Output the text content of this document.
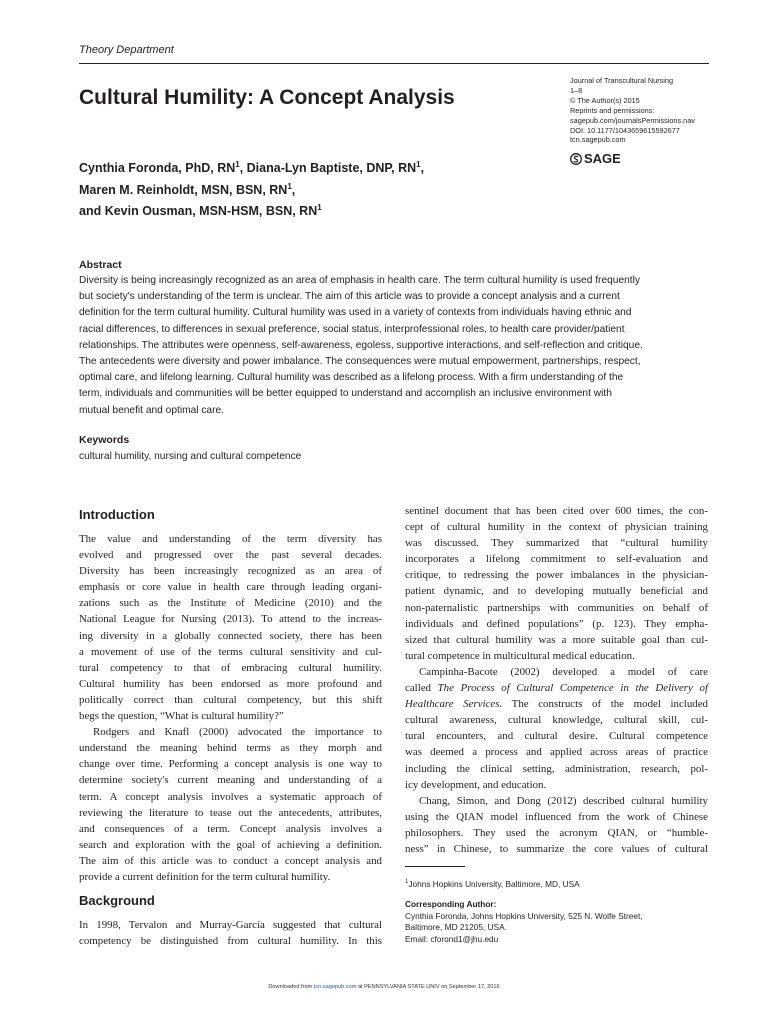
Theory Department
Cultural Humility: A Concept Analysis
Journal of Transcultural Nursing
1–8
© The Author(s) 2015
Reprints and permissions:
sagepub.com/journalsPermissions.nav
DOI: 10.1177/1043659615592677
tcn.sagepub.com
SAGE
Cynthia Foronda, PhD, $RN^1$, Diana-Lyn Baptiste, DNP, $RN^1$,
Maren M. Reinholdt, MSN, BSN, $RN^1$,
and Kevin Ousman, MSN-HSM, BSN, $RN^1$
Abstract
Diversity is being increasingly recognized as an area of emphasis in health care. The term cultural humility is used frequently
but society's understanding of the term is unclear. The aim of this article was to provide a concept analysis and a current
definition for the term cultural humility. Cultural humility was used in a variety of contexts from individuals having ethnic and
racial differences, to differences in sexual preference, social status, interprofessional roles, to health care provider/patient
relationships. The attributes were openness, self-awareness, egoless, supportive interactions, and self-reflection and critique.
The antecedents were diversity and power imbalance. The consequences were mutual empowerment, partnerships, respect,
optimal care, and lifelong learning. Cultural humility was described as a lifelong process. With a firm understanding of the
term, individuals and communities will be better equipped to understand and accomplish an inclusive environment with
mutual benefit and optimal care.
Keywords
cultural humility, nursing and cultural competence
Introduction
The value and understanding of the term diversity has
evolved and progressed over the past several decades.
Diversity has been increasingly recognized as an area of
emphasis or core value in health care through leading organi-
zations such as the Institute of Medicine (2010) and the
National League for Nursing (2013). To attend to the increas-
ing diversity in a globally connected society, there has been
a movement of use of the terms cultural sensitivity and cul-
tural competency to that of embracing cultural humility.
Cultural humility has been endorsed as more profound and
politically correct than cultural competency, but this shift
begs the question, “What is cultural humility?”
Rodgers and Knafl (2000) advocated the importance to
understand the meaning behind terms as they morph and
change over time. Performing a concept analysis is one way to
determine society's current meaning and understanding of a
term. A concept analysis involves a systematic approach of
reviewing the literature to tease out the antecedents, attributes,
and consequences of a term. Concept analysis involves a
search and exploration with the goal of achieving a definition.
The aim of this article was to conduct a concept analysis and
provide a current definition for the term cultural humility.
Background
In 1998, Tervalon and Murray-García suggested that cultural
competency be distinguished from cultural humility. In this
sentinel document that has been cited over 600 times, the con-
cept of cultural humility in the context of physician training
was discussed. They summarized that “cultural humility
incorporates a lifelong commitment to self-evaluation and
critique, to redressing the power imbalances in the physician-
patient dynamic, and to developing mutually beneficial and
non-paternalistic partnerships with communities on behalf of
individuals and defined populations” (p. 123). They empha-
sized that cultural humility was a more suitable goal than cul-
tural competence in multicultural medical education.
Campinha-Bacote (2002) developed a model of care
called The Process of Cultural Competence in the Delivery of
Healthcare Services. The constructs of the model included
cultural awareness, cultural knowledge, cultural skill, cul-
tural encounters, and cultural desire. Cultural competence
was deemed a process and applied across areas of practice
including the clinical setting, administration, research, pol-
icy development, and education.
Chang, Simon, and Dong (2012) described cultural humility
using the QIAN model influenced from the work of Chinese
philosophers. They used the acronym QIAN, or “humble-
ness” in Chinese, to summarize the core values of cultural
$^1$Johns Hopkins University, Baltimore, MD, USA
Corresponding Author:
Cynthia Foronda, Johns Hopkins University, 525 N. Wolfe Street,
Baltimore, MD 21205, USA.
Email: cforond1@jhu.edu
Downloaded from tcn.sagepub.com at PENNSYLVANIA STATE UNIV on September 17, 2016
